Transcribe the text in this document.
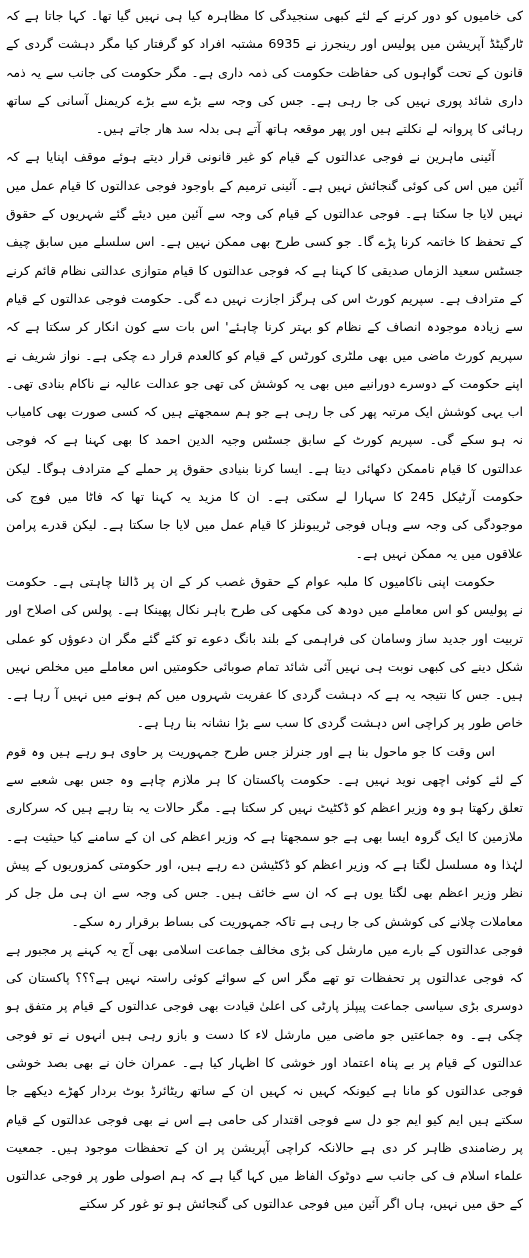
کی خامیوں کو دور کرنے کے لئے کبھی سنجیدگی کا مظاہرہ کیا ہی نہیں گیا تھا۔ کہا جاتا ہے کہ ٹارگیٹڈ آپریشن میں پولیس اور رینجرز نے 6935 مشتبہ افراد کو گرفتار کیا مگر دہشت گردی کے قانون کے تحت گواہوں کی حفاظت حکومت کی ذمہ داری ہے۔ مگر حکومت کی جانب سے یہ ذمہ داری شائد پوری نہیں کی جا رہی ہے۔ جس کی وجہ سے بڑے سے بڑے کریمنل آسانی کے ساتھ رہائی کا پروانہ لے نکلتے ہیں اور پھر موقعہ ہاتھ آتے ہی بدلہ سد ھار جاتے ہیں۔

آئینی ماہرین نے فوجی عدالتوں کے قیام کو غیر قانونی قرار دیتے ہوئے موقف اپنایا ہے کہ آئین میں اس کی کوئی گنجائش نہیں ہے۔ آئینی ترمیم کے باوجود فوجی عدالتوں کا قیام عمل میں نہیں لایا جا سکتا ہے۔ فوجی عدالتوں کے قیام کی وجہ سے آئین میں دیئے گئے شہریوں کے حقوق کے تحفظ کا خاتمہ کرنا پڑے گا۔ جو کسی طرح بھی ممکن نہیں ہے۔ اس سلسلے میں سابق چیف جسٹس سعید الزماں صدیقی کا کہنا ہے کہ فوجی عدالتوں کا قیام متوازی عدالتی نظام قائم کرنے کے مترادف ہے۔ سپریم کورٹ اس کی ہرگز اجازت نہیں دے گی۔ حکومت فوجی عدالتوں کے قیام سے زیادہ موجودہ انصاف کے نظام کو بہتر کرنا چاہئے' اس بات سے کون انکار کر سکتا ہے کہ سپریم کورٹ ماضی میں بھی ملٹری کورٹس کے قیام کو کالعدم قرار دے چکی ہے۔ نواز شریف نے اپنے حکومت کے دوسرے دورانیے میں بھی یہ کوشش کی تھی جو عدالت عالیہ نے ناکام بنادی تھی۔ اب یہی کوشش ایک مرتبہ پھر کی جا رہی ہے جو ہم سمجھتے ہیں کہ کسی صورت بھی کامیاب نہ ہو سکے گی۔ سپریم کورٹ کے سابق جسٹس وجیہ الدین احمد کا بھی کہنا ہے کہ فوجی عدالتوں کا قیام ناممکن دکھائی دیتا ہے۔ ایسا کرنا بنیادی حقوق پر حملے کے مترادف ہوگا۔ لیکن حکومت آرٹیکل 245 کا سہارا لے سکتی ہے۔ ان کا مزید یہ کہنا تھا کہ فاٹا میں فوج کی موجودگی کی وجہ سے وہاں فوجی ٹریبونلز کا قیام عمل میں لایا جا سکتا ہے۔ لیکن قدرے پرامن علاقوں میں یہ ممکن نہیں ہے۔

حکومت اپنی ناکامیوں کا ملبہ عوام کے حقوق غصب کر کے ان پر ڈالنا چاہتی ہے۔ حکومت نے پولیس کو اس معاملے میں دودھ کی مکھی کی طرح باہر نکال پھینکا ہے۔ پولس کی اصلاح اور تربیت اور جدید ساز وسامان کی فراہمی کے بلند بانگ دعوے تو کئے گئے مگر ان دعوؤں کو عملی شکل دینے کی کبھی نوبت ہی نہیں آئی شائد تمام صوبائی حکومتیں اس معاملے میں مخلص نہیں ہیں۔ جس کا نتیجہ یہ ہے کہ دہشت گردی کا عفریت شہروں میں کم ہونے میں نہیں آ رہا ہے۔ خاص طور پر کراچی اس دہشت گردی کا سب سے بڑا نشانہ بنا رہا ہے۔

اس وقت کا جو ماحول بنا ہے اور جنرلز جس طرح جمہوریت پر حاوی ہو رہے ہیں وہ قوم کے لئے کوئی اچھی نوید نہیں ہے۔ حکومت پاکستان کا ہر ملازم چاہے وہ جس بھی شعبے سے تعلق رکھتا ہو وہ وزیر اعظم کو ڈکٹیٹ نہیں کر سکتا ہے۔ مگر حالات یہ بتا رہے ہیں کہ سرکاری ملازمین کا ایک گروہ ایسا بھی ہے جو سمجھتا ہے کہ وزیر اعظم کی ان کے سامنے کیا حیثیت ہے۔ لہٰذا وہ مسلسل لگتا ہے کہ وزیر اعظم کو ڈکٹیشن دے رہے ہیں، اور حکومتی کمزوریوں کے پیش نظر وزیر اعظم بھی لگتا یوں ہے کہ ان سے خائف ہیں۔ جس کی وجہ سے ان ہی مل جل کر معاملات چلانے کی کوشش کی جا رہی ہے تاکہ جمہوریت کی بساط برقرار رہ سکے۔

فوجی عدالتوں کے بارے میں مارشل کی بڑی مخالف جماعت اسلامی بھی آج یہ کہنے پر مجبور ہے کہ فوجی عدالتوں پر تحفظات تو تھے مگر اس کے سوائے کوئی راستہ نہیں ہے؟؟؟ پاکستان کی دوسری بڑی سیاسی جماعت پیپلز پارٹی کی اعلیٰ قیادت بھی فوجی عدالتوں کے قیام پر متفق ہو چکی ہے۔ وہ جماعتیں جو ماضی میں مارشل لاء کا دست و بازو رہی ہیں انہوں نے تو فوجی عدالتوں کے قیام پر بے پناہ اعتماد اور خوشی کا اظہار کیا ہے۔ عمران خان نے بھی بصد خوشی فوجی عدالتوں کو مانا ہے کیونکہ کہیں نہ کہیں ان کے ساتھ ریٹائرڈ بوٹ بردار کھڑے دیکھے جا سکتے ہیں ایم کیو ایم جو دل سے فوجی اقتدار کی حامی ہے اس نے بھی فوجی عدالتوں کے قیام پر رضامندی ظاہر کر دی ہے حالانکہ کراچی آپریشن پر ان کے تحفظات موجود ہیں۔ جمعیت علماء اسلام ف کی جانب سے دوٹوک الفاظ میں کہا گیا ہے کہ ہم اصولی طور پر فوجی عدالتوں کے حق میں نہیں، ہاں اگر آئین میں فوجی عدالتوں کی گنجائش ہو تو غور کر سکتے
